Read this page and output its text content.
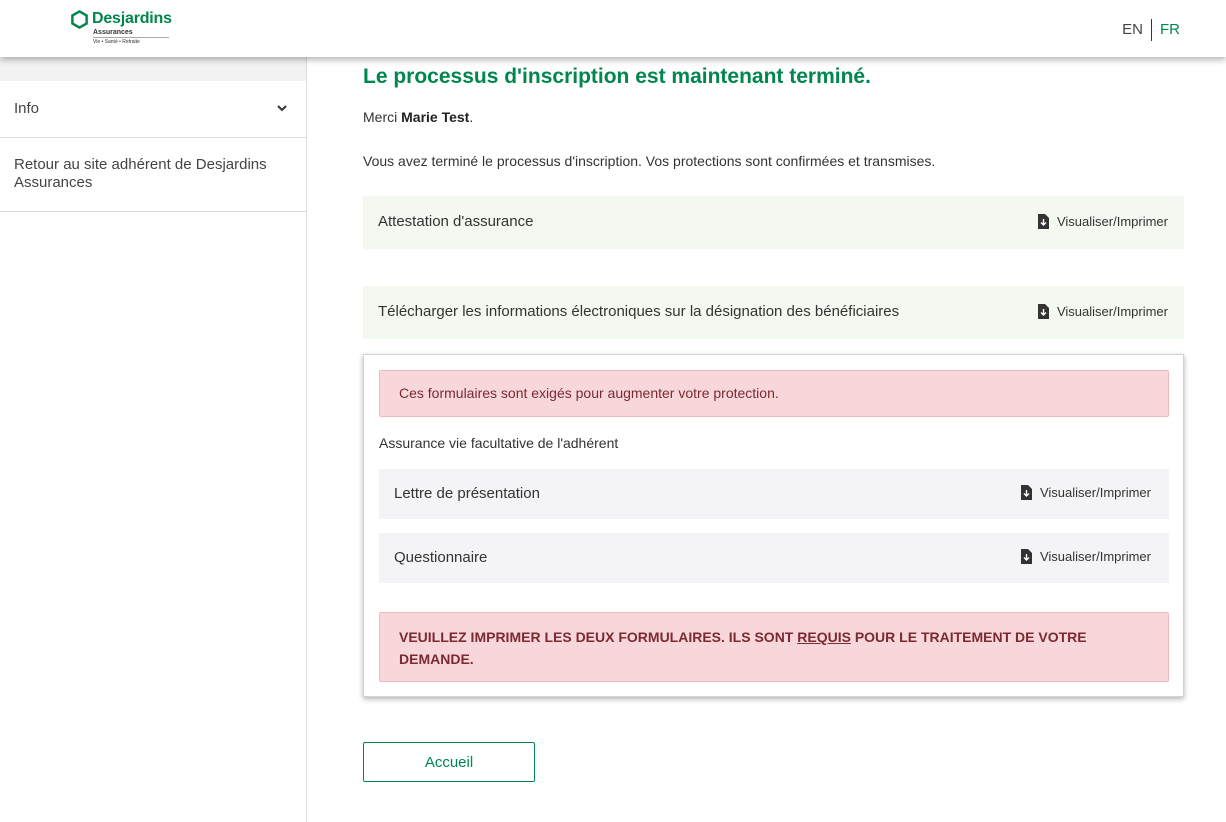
Desjardins
Assurances
Vie • Santé • Retraite
EN	FR
Info
Retour au site adhérent de Desjardins Assurances
Le processus d'inscription est maintenant terminé.

Merci Marie Test.

Vous avez terminé le processus d'inscription. Vos protections sont confirmées et transmises.

Attestation d'assurance	Visualiser/Imprimer
Télécharger les informations électroniques sur la désignation des bénéficiaires	Visualiser/Imprimer
Ces formulaires sont exigés pour augmenter votre protection.

Assurance vie facultative de l'adhérent

Lettre de présentation	Visualiser/Imprimer
Questionnaire	Visualiser/Imprimer

VEUILLEZ IMPRIMER LES DEUX FORMULAIRES. ILS SONT REQUIS POUR LE TRAITEMENT DE VOTRE DEMANDE.

Accueil
